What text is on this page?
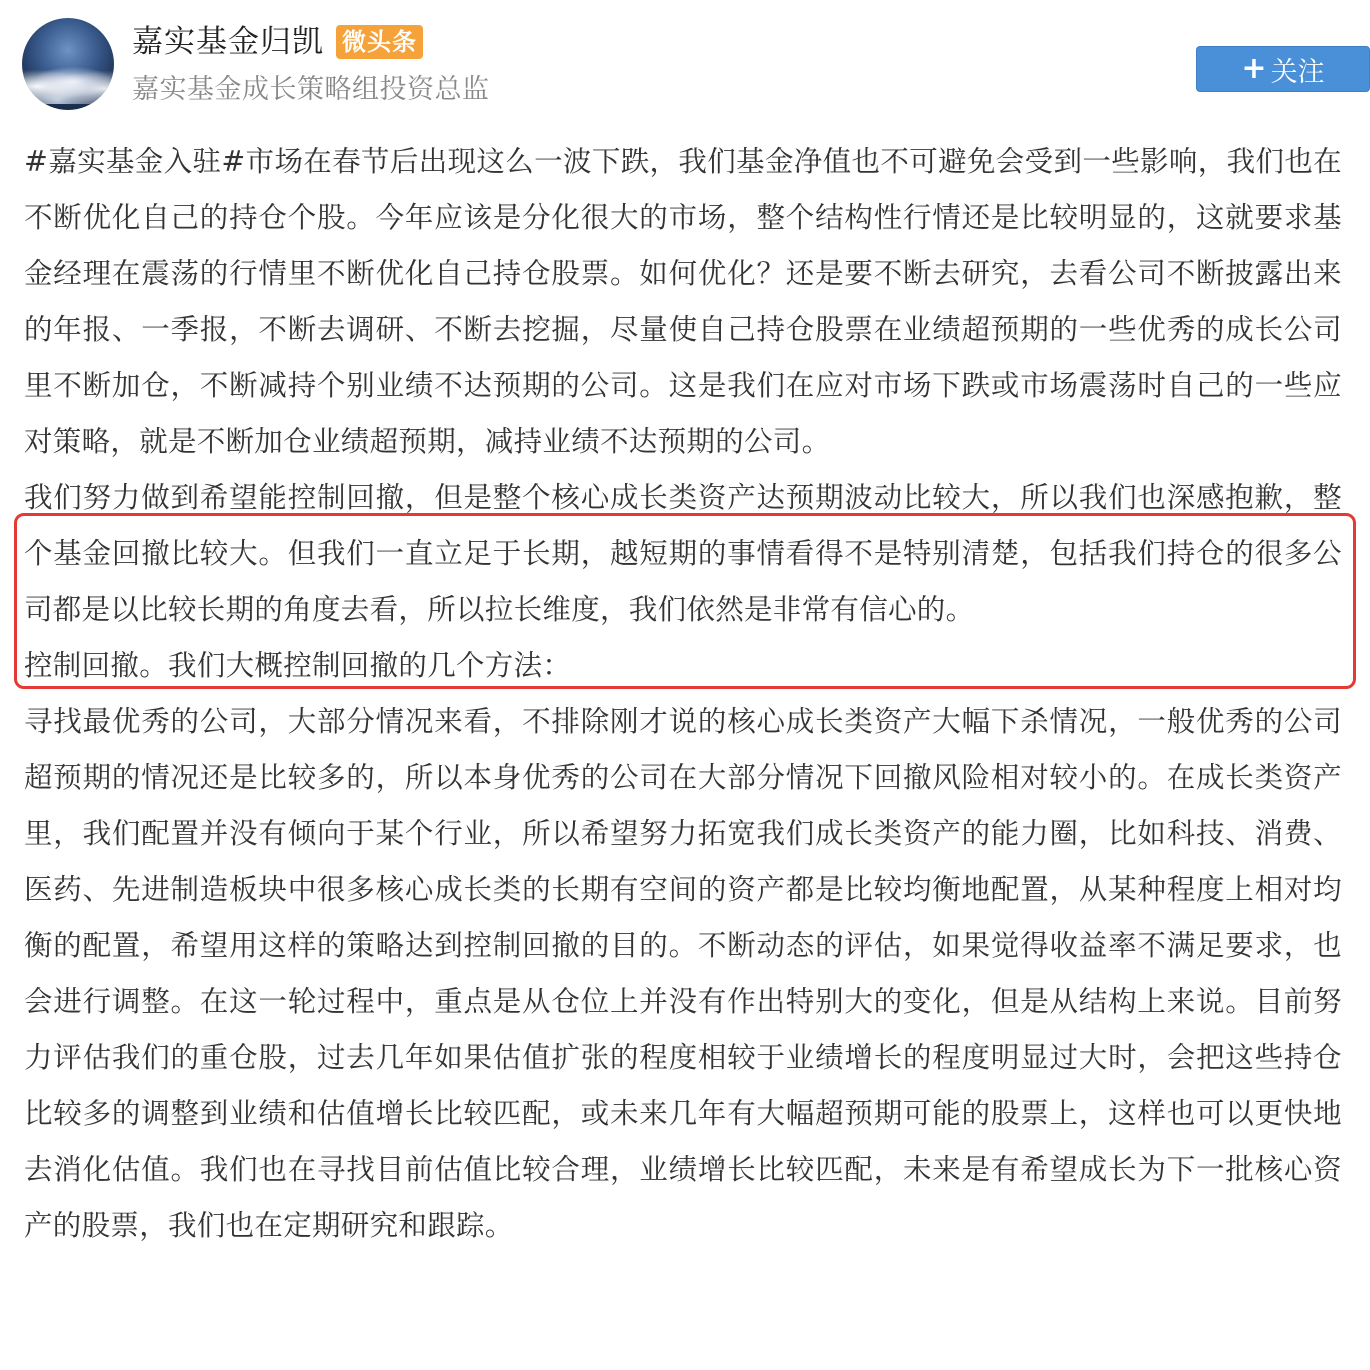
嘉实基金归凯 微头条
嘉实基金成长策略组投资总监
+ 关注

#嘉实基金入驻#市场在春节后出现这么一波下跌，我们基金净值也不可避免会受到一些影响，我们也在不断优化自己的持仓个股。今年应该是分化很大的市场，整个结构性行情还是比较明显的，这就要求基金经理在震荡的行情里不断优化自己持仓股票。如何优化？还是要不断去研究，去看公司不断披露出来的年报、一季报，不断去调研、不断去挖掘，尽量使自己持仓股票在业绩超预期的一些优秀的成长公司里不断加仓，不断减持个别业绩不达预期的公司。这是我们在应对市场下跌或市场震荡时自己的一些应对策略，就是不断加仓业绩超预期，减持业绩不达预期的公司。

我们努力做到希望能控制回撤，但是整个核心成长类资产达预期波动比较大，所以我们也深感抱歉，整个基金回撤比较大。但我们一直立足于长期，越短期的事情看得不是特别清楚，包括我们持仓的很多公司都是以比较长期的角度去看，所以拉长维度，我们依然是非常有信心的。

控制回撤。我们大概控制回撤的几个方法：

寻找最优秀的公司，大部分情况来看，不排除刚才说的核心成长类资产大幅下杀情况，一般优秀的公司超预期的情况还是比较多的，所以本身优秀的公司在大部分情况下回撤风险相对较小的。在成长类资产里，我们配置并没有倾向于某个行业，所以希望努力拓宽我们成长类资产的能力圈，比如科技、消费、医药、先进制造板块中很多核心成长类的长期有空间的资产都是比较均衡地配置，从某种程度上相对均衡的配置，希望用这样的策略达到控制回撤的目的。不断动态的评估，如果觉得收益率不满足要求，也会进行调整。在这一轮过程中，重点是从仓位上并没有作出特别大的变化，但是从结构上来说。目前努力评估我们的重仓股，过去几年如果估值扩张的程度相较于业绩增长的程度明显过大时，会把这些持仓比较多的调整到业绩和估值增长比较匹配，或未来几年有大幅超预期可能的股票上，这样也可以更快地去消化估值。我们也在寻找目前估值比较合理，业绩增长比较匹配，未来是有希望成长为下一批核心资产的股票，我们也在定期研究和跟踪。
